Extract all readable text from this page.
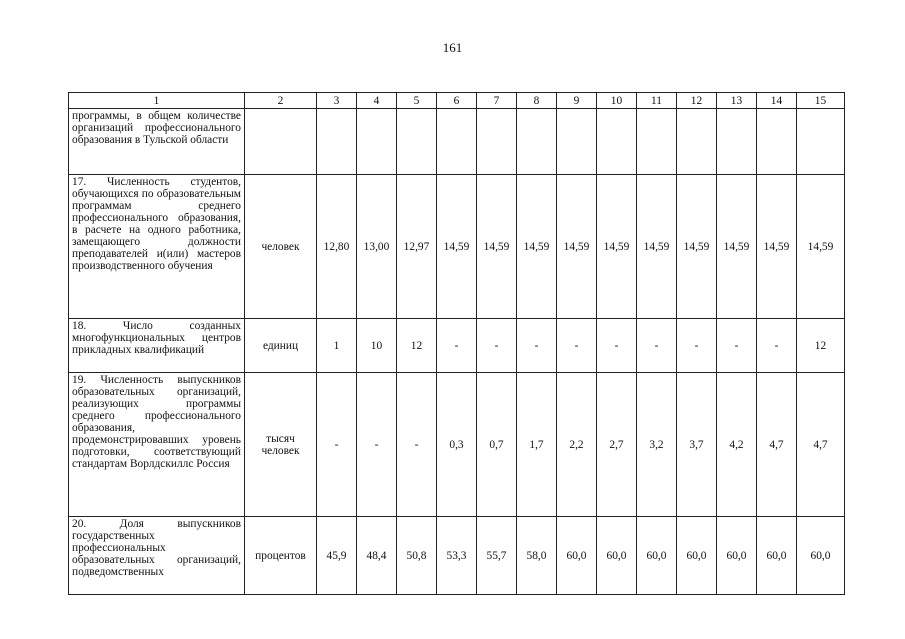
161
1	2	3	4	5	6	7	8	9	10	11	12	13	14	15
программы, в общем количестве организаций профессионального образования в Тульской области														
17. Численность студентов, обучающихся по образовательным программам среднего профессионального образования, в расчете на одного работника, замещающего должности преподавателей и(или) мастеров производственного обучения	человек	12,80	13,00	12,97	14,59	14,59	14,59	14,59	14,59	14,59	14,59	14,59	14,59	14,59
18. Число созданных многофункциональных центров прикладных квалификаций	единиц	1	10	12	-	-	-	-	-	-	-	-	-	12
19. Численность выпускников образовательных организаций, реализующих программы среднего профессионального образования, продемонстрировавших уровень подготовки, соответствующий стандартам Ворлдскиллс Россия	тысяч человек	-	-	-	0,3	0,7	1,7	2,2	2,7	3,2	3,7	4,2	4,7	4,7
20. Доля выпускников государственных профессиональных образовательных организаций, подведомственных	процентов	45,9	48,4	50,8	53,3	55,7	58,0	60,0	60,0	60,0	60,0	60,0	60,0	60,0
